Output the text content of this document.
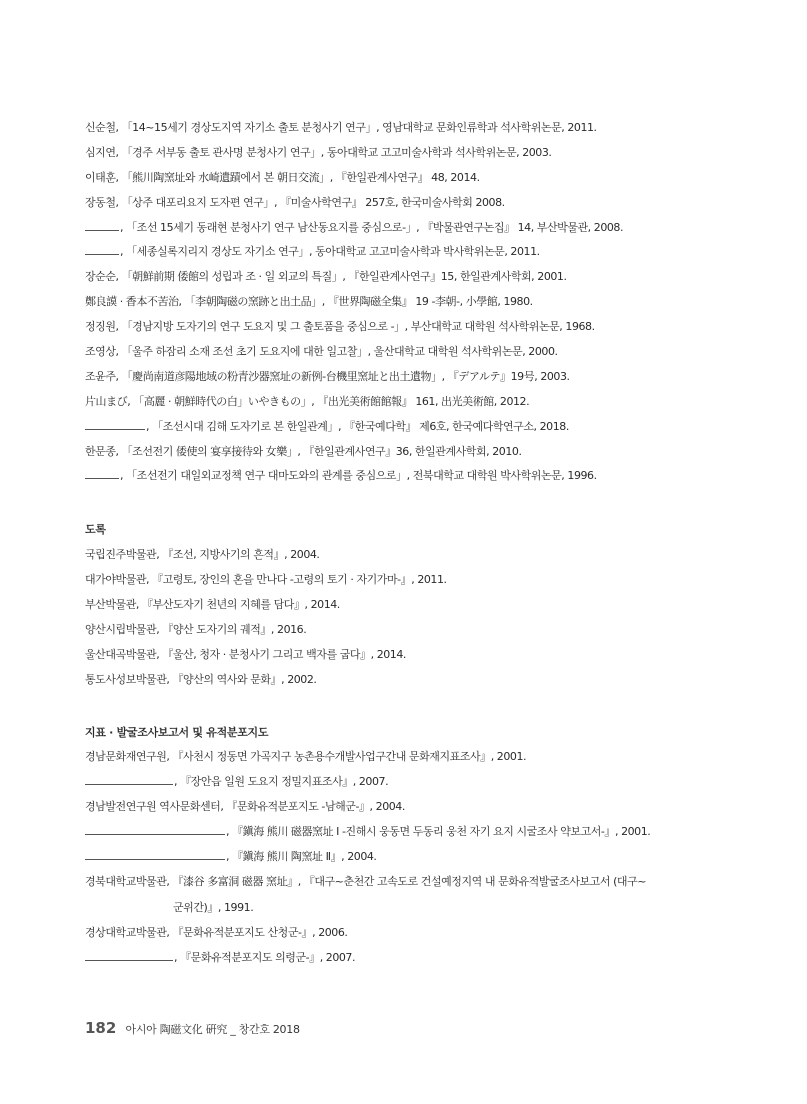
신순철, 「14~15세기 경상도지역 자기소 출토 분청사기 연구」, 영남대학교 문화인류학과 석사학위논문, 2011.

심지연, 「경주 서부동 출토 관사명 분청사기 연구」, 동아대학교 고고미술사학과 석사학위논문, 2003.

이태훈, 「熊川陶窯址와 水崎遺蹟에서 본 朝日交流」, 『한일관계사연구』 48, 2014.

장동철, 「상주 대포리요지 도자편 연구」, 『미술사학연구』 257호, 한국미술사학회 2008.

, 「조선 15세기 동래현 분청사기 연구 남산동요지를 중심으로-」, 『박물관연구논집』 14, 부산박물관, 2008.

, 「세종실록지리지 경상도 자기소 연구」, 동아대학교 고고미술사학과 박사학위논문, 2011.

장순순, 「朝鮮前期 倭館의 성립과 조 · 일 외교의 특질」, 『한일관계사연구』15, 한일관계사학회, 2001.

鄭良謨 · 香本不苦治, 「李朝陶磁の窯跡と出土品」, 『世界陶磁全集』 19 -李朝-, 小學館, 1980.

정징원, 「경남지방 도자기의 연구 도요지 및 그 출토품을 중심으로 -」, 부산대학교 대학원 석사학위논문, 1968.

조영상, 「울주 하잠리 소재 조선 초기 도요지에 대한 일고찰」, 울산대학교 대학원 석사학위논문, 2000.

조윤주, 「慶尚南道彦陽地域の粉青沙器窯址の新例-台機里窯址と出土遺物」, 『デアルテ』19号, 2003.

片山まび, 「高麗 · 朝鮮時代の白」いやきもの」, 『出光美術館館報』 161, 出光美術館, 2012.

, 「조선시대 김해 도자기로 본 한일관계」, 『한국예다학』 제6호, 한국예다학연구소, 2018.

한문종, 「조선전기 倭使의 宴享接待와 女樂」, 『한일관계사연구』36, 한일관계사학회, 2010.

, 「조선전기 대일외교정책 연구 대마도와의 관계를 중심으로」, 전북대학교 대학원 박사학위논문, 1996.

도록

국립진주박물관, 『조선, 지방사기의 흔적』, 2004.

대가야박물관, 『고령토, 장인의 혼을 만나다 -고령의 토기 · 자기가마-』, 2011.

부산박물관, 『부산도자기 천년의 지혜를 담다』, 2014.

양산시립박물관, 『양산 도자기의 궤적』, 2016.

울산대곡박물관, 『울산, 청자 · 분청사기 그리고 백자를 굽다』, 2014.

통도사성보박물관, 『양산의 역사와 문화』, 2002.

지표 · 발굴조사보고서 및 유적분포지도

경남문화재연구원, 『사천시 정동면 가곡지구 농촌용수개발사업구간내 문화재지표조사』, 2001.

, 『장안읍 일원 도요지 정밀지표조사』, 2007.

경남발전연구원 역사문화센터, 『문화유적분포지도 -남해군-』, 2004.

, 『鎭海 熊川 磁器窯址 Ⅰ -진해시 웅동면 두동리 웅천 자기 요지 시굴조사 약보고서-』, 2001.

, 『鎭海 熊川 陶窯址 Ⅱ』, 2004.

경북대학교박물관, 『漆谷 多富洞 磁器 窯址』, 『대구~춘천간 고속도로 건설예정지역 내 문화유적발굴조사보고서 (대구~
군위간)』, 1991.

경상대학교박물관, 『문화유적분포지도 산청군-』, 2006.

, 『문화유적분포지도 의령군-』, 2007.

182 아시아 陶磁文化 硏究 _ 창간호 2018
